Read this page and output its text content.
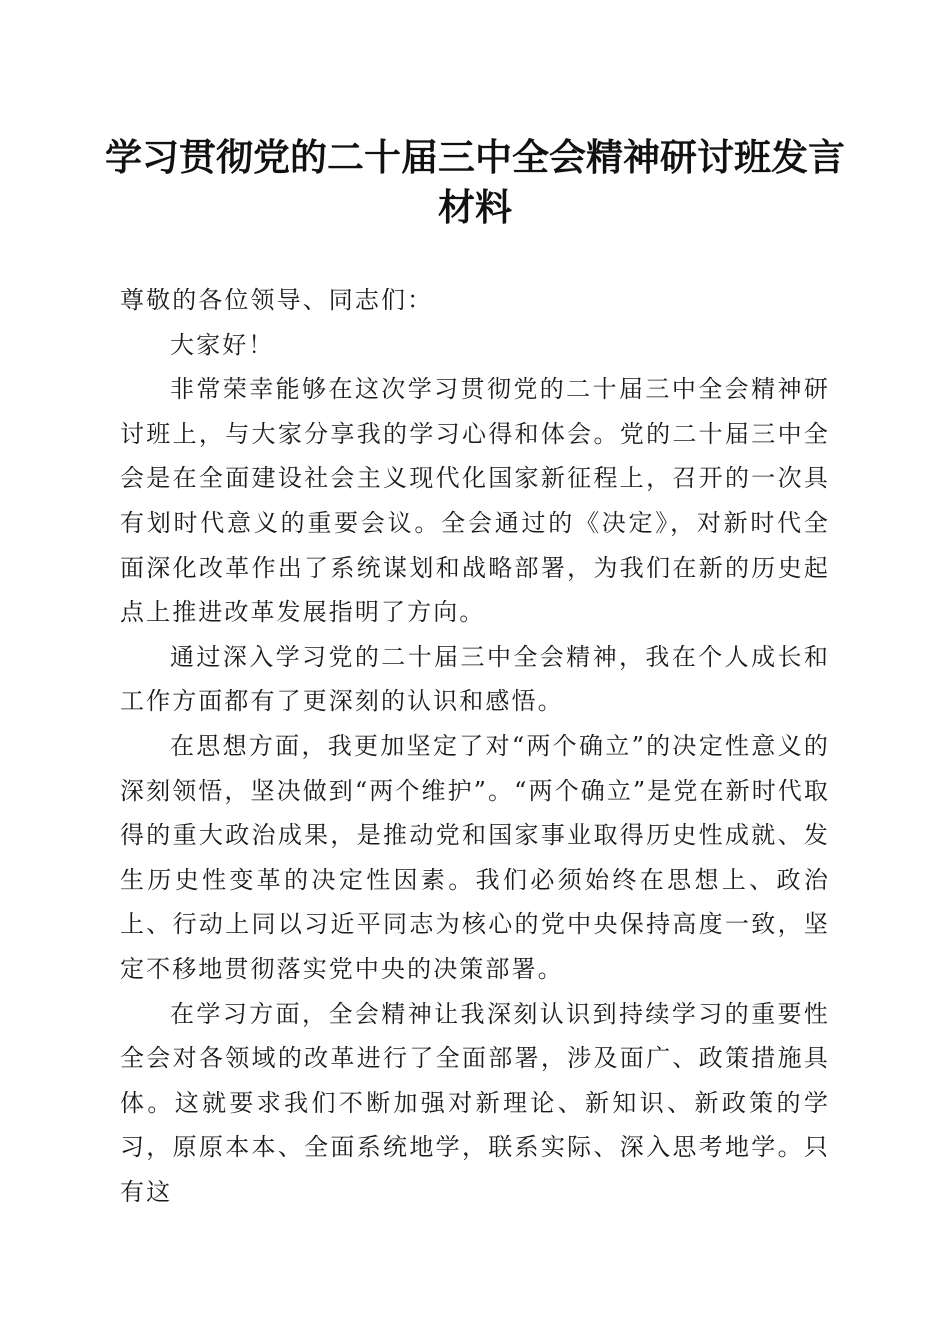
学习贯彻党的二十届三中全会精神研讨班发言材料

尊敬的各位领导、同志们：

大家好！

非常荣幸能够在这次学习贯彻党的二十届三中全会精神研讨班上，与大家分享我的学习心得和体会。党的二十届三中全会是在全面建设社会主义现代化国家新征程上，召开的一次具有划时代意义的重要会议。全会通过的《决定》，对新时代全面深化改革作出了系统谋划和战略部署，为我们在新的历史起点上推进改革发展指明了方向。

通过深入学习党的二十届三中全会精神，我在个人成长和工作方面都有了更深刻的认识和感悟。

在思想方面，我更加坚定了对“两个确立”的决定性意义的深刻领悟，坚决做到“两个维护”。“两个确立”是党在新时代取得的重大政治成果，是推动党和国家事业取得历史性成就、发生历史性变革的决定性因素。我们必须始终在思想上、政治上、行动上同以习近平同志为核心的党中央保持高度一致，坚定不移地贯彻落实党中央的决策部署。

在学习方面，全会精神让我深刻认识到持续学习的重要性全会对各领域的改革进行了全面部署，涉及面广、政策措施具体。这就要求我们不断加强对新理论、新知识、新政策的学习，原原本本、全面系统地学，联系实际、深入思考地学。只有这
